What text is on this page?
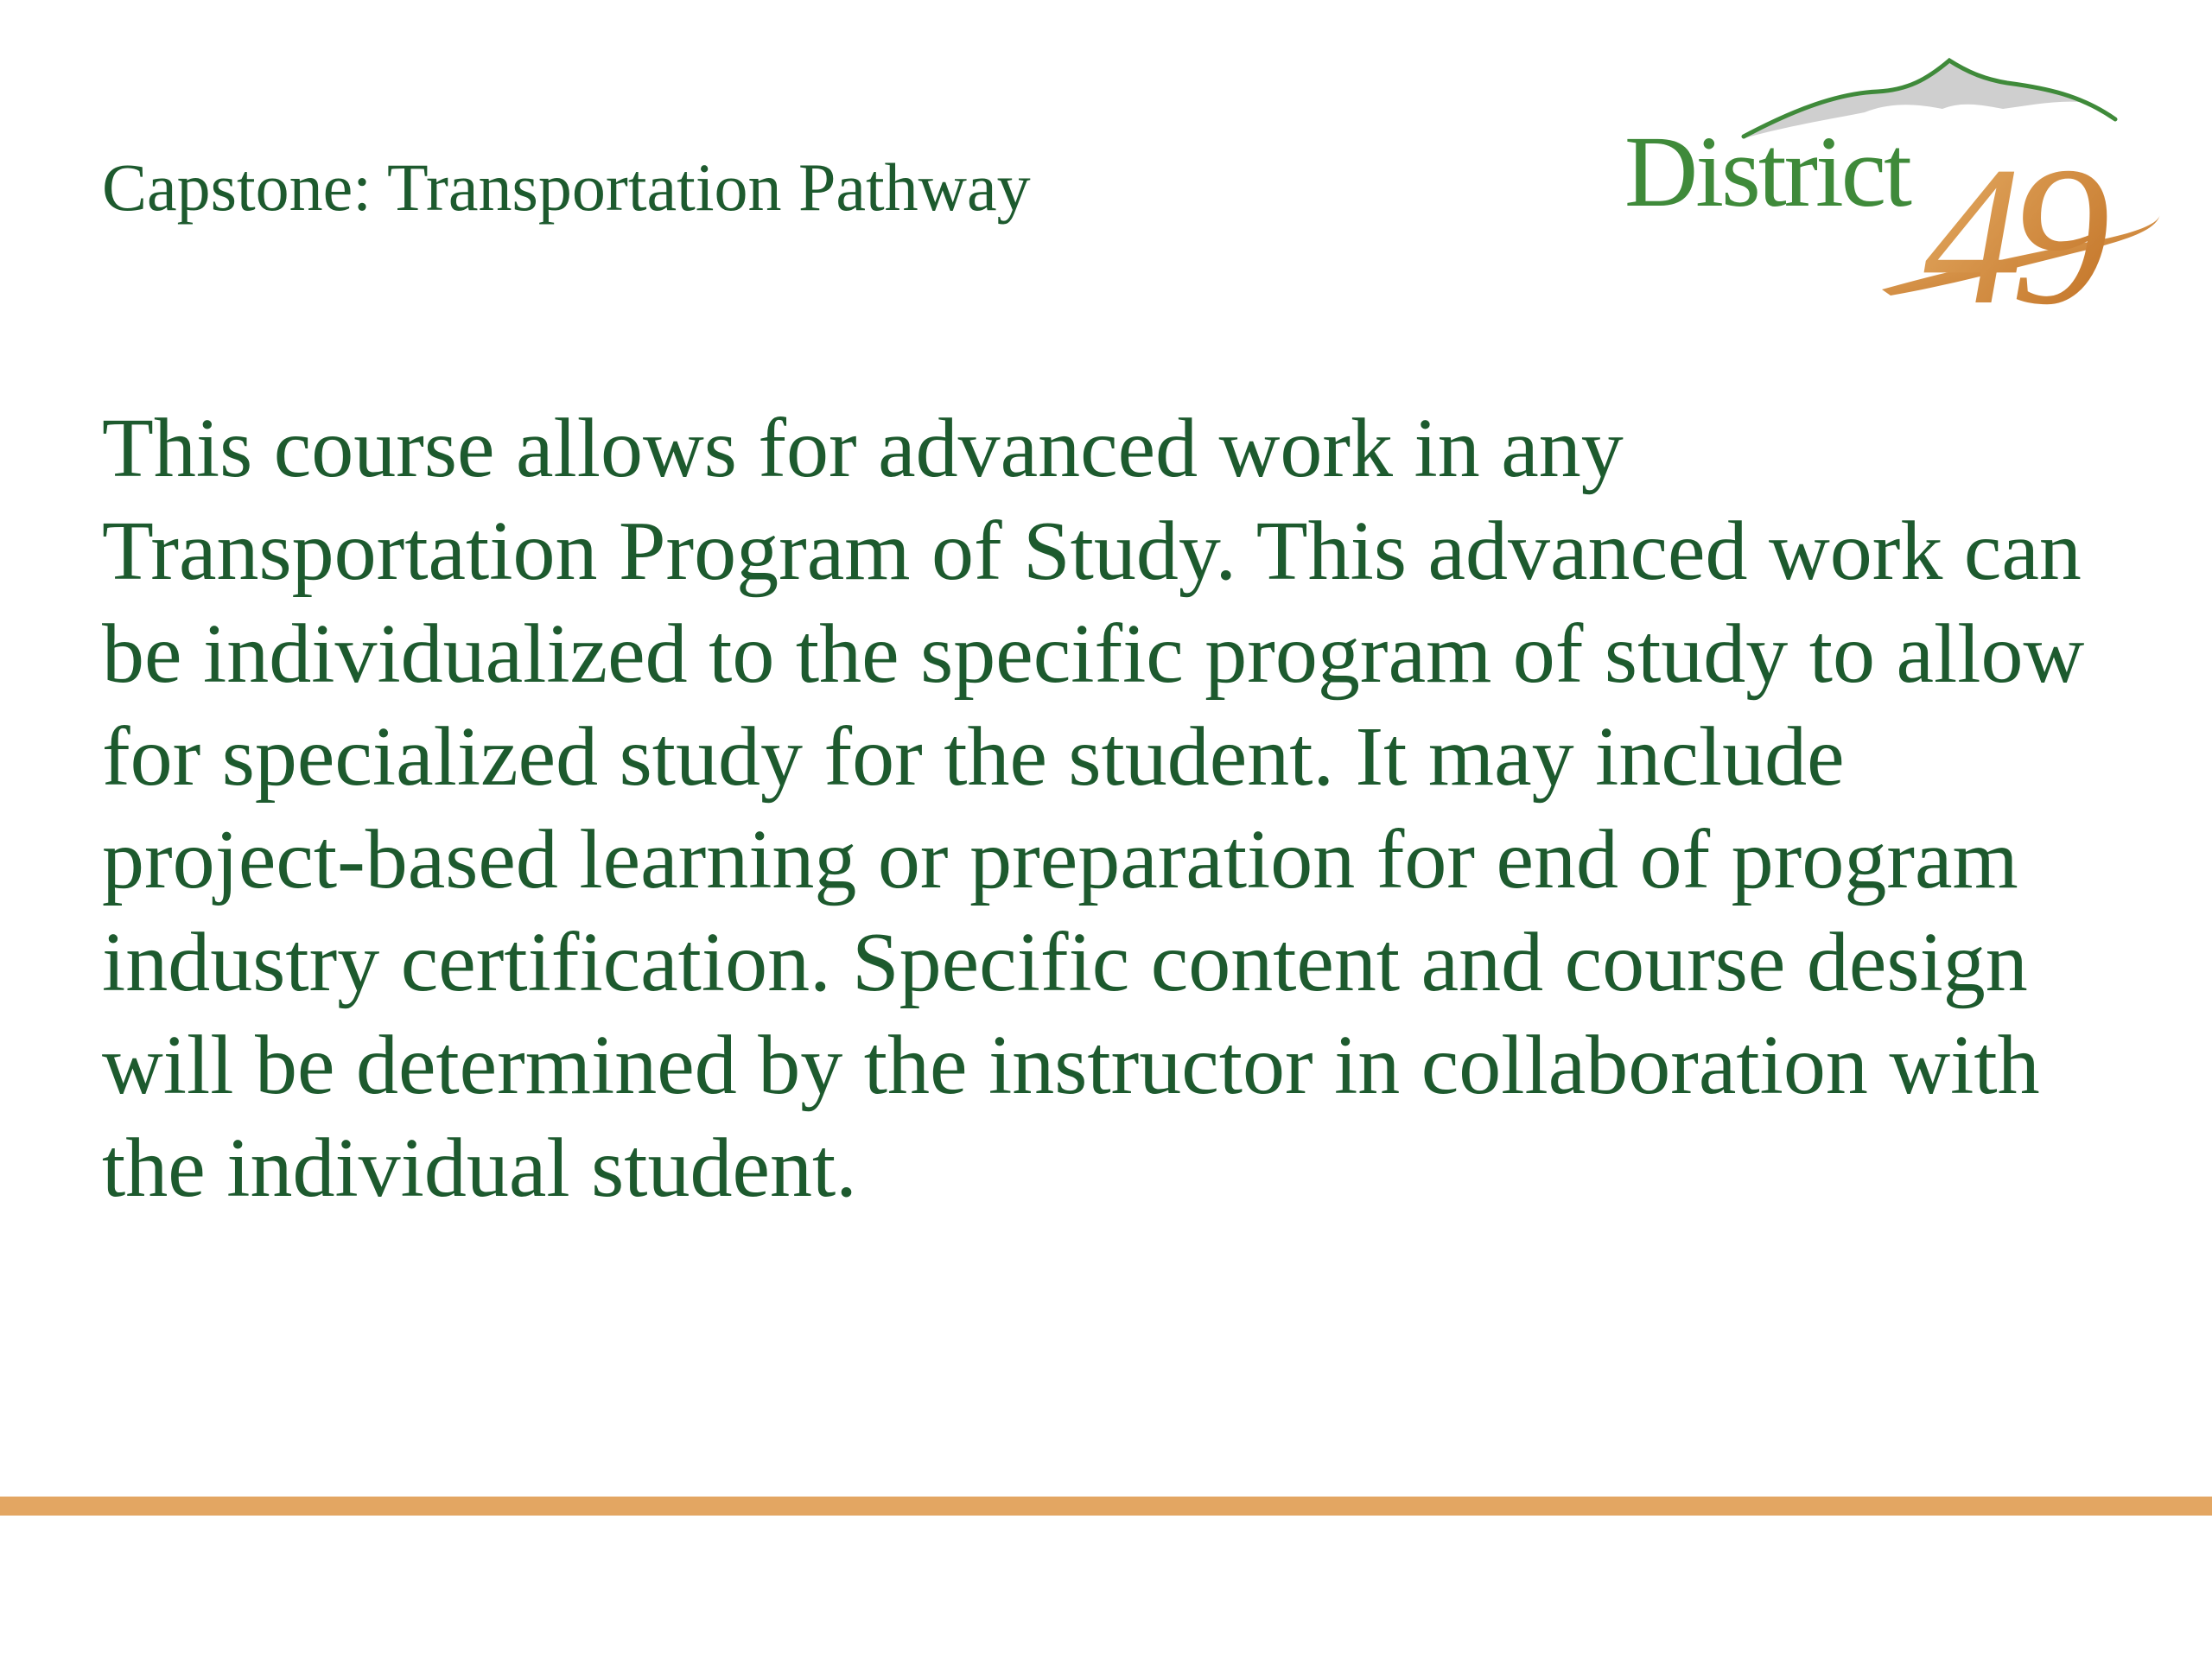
Capstone: Transportation Pathway	District 49

This course allows for advanced work in any Transportation Program of Study. This advanced work can be individualized to the specific program of study to allow for specialized study for the student. It may include project-based learning or preparation for end of program industry certification. Specific content and course design will be determined by the instructor in collaboration with the individual student.
